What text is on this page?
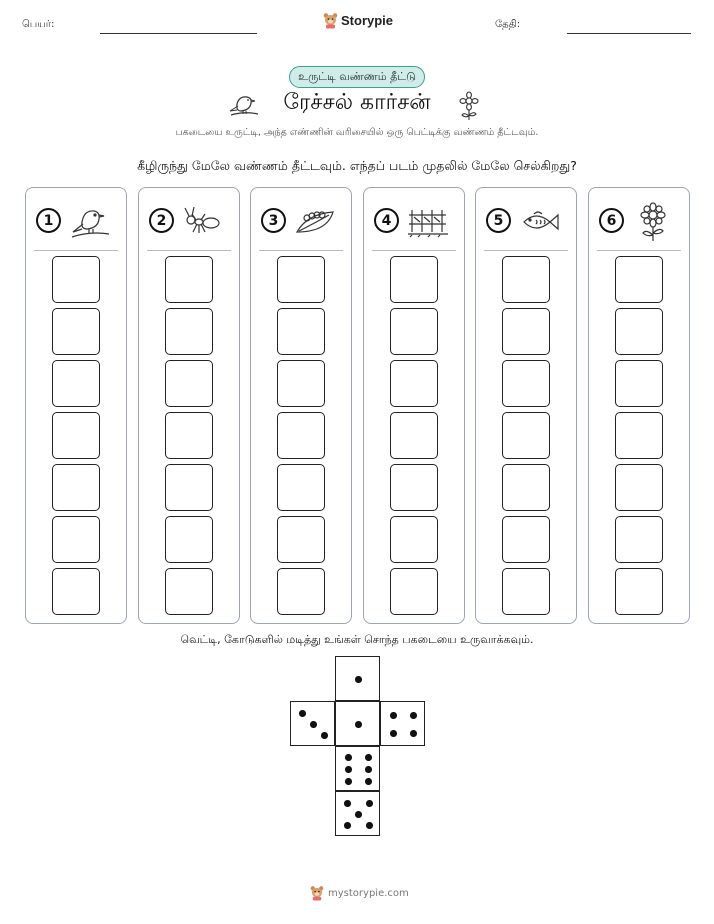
பெயர்:	Storypie	தேதி:
உருட்டி வண்ணம் தீட்டு
ரேச்சல் கார்சன்
பகடையை உருட்டி, அந்த எண்ணின் வரிசையில் ஒரு பெட்டிக்கு வண்ணம் தீட்டவும்.
கீழிருந்து மேலே வண்ணம் தீட்டவும். எந்தப் படம் முதலில் மேலே செல்கிறது?
1	2	3	4	5	6
வெட்டி, கோடுகளில் மடித்து உங்கள் சொந்த பகடையை உருவாக்கவும்.
mystorypie.com
